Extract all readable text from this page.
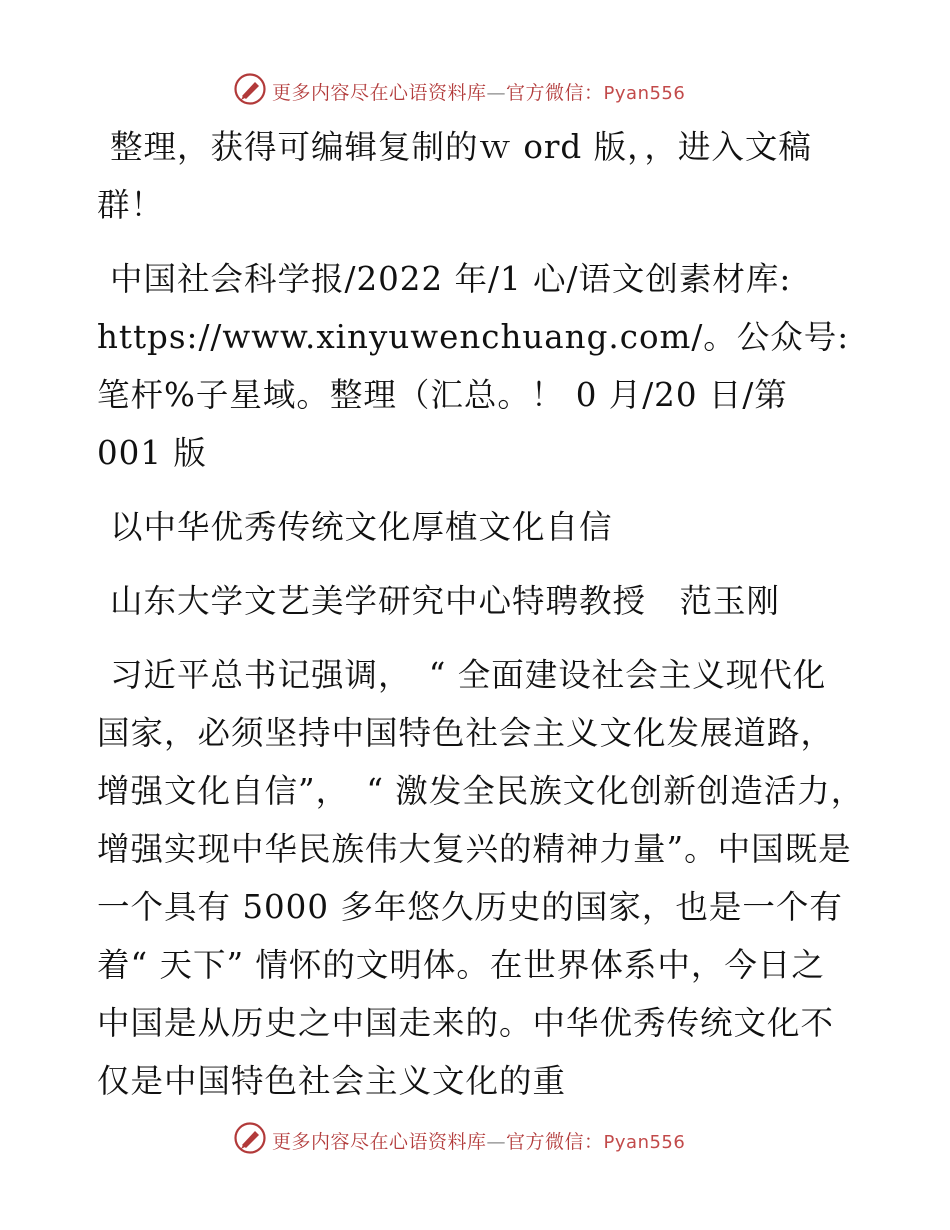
更多内容尽在心语资料库—官方微信：Pyan556

整理，获得可编辑复制的ｗ ord 版，，进入文稿群！

中国社会科学报/2022 年/1 心/语文创素材库: https://www.xinyuwenchuang.com/。公众号: 笔杆%子星域。整理（汇总。！ 0 月/20 日/第 001 版

以中华优秀传统文化厚植文化自信

山东大学文艺美学研究中心特聘教授　范玉刚

习近平总书记强调，　“ 全面建设社会主义现代化国家，必须坚持中国特色社会主义文化发展道路，　增强文化自信”，　“ 激发全民族文化创新创造活力，　增强实现中华民族伟大复兴的精神力量”。中国既是一个具有 5000 多年悠久历史的国家，也是一个有着“ 天下” 情怀的文明体。在世界体系中，今日之中国是从历史之中国走来的。中华优秀传统文化不仅是中国特色社会主义文化的重

更多内容尽在心语资料库—官方微信：Pyan556
